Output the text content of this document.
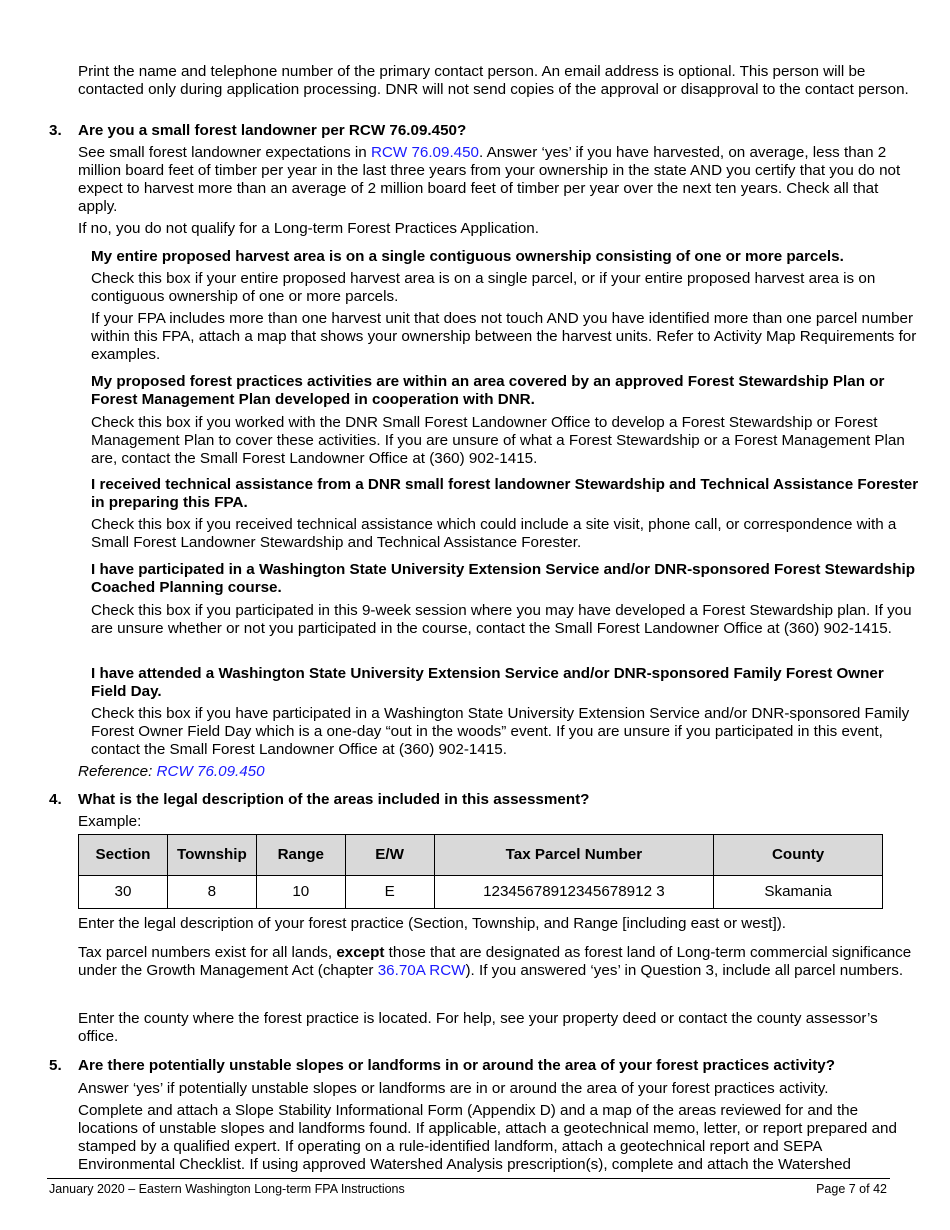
Print the name and telephone number of the primary contact person. An email address is optional. This person will be contacted only during application processing. DNR will not send copies of the approval or disapproval to the contact person.

3. Are you a small forest landowner per RCW 76.09.450?

See small forest landowner expectations in RCW 76.09.450. Answer ‘yes’ if you have harvested, on average, less than 2 million board feet of timber per year in the last three years from your ownership in the state AND you certify that you do not expect to harvest more than an average of 2 million board feet of timber per year over the next ten years. Check all that apply.

If no, you do not qualify for a Long-term Forest Practices Application.

My entire proposed harvest area is on a single contiguous ownership consisting of one or more parcels.

Check this box if your entire proposed harvest area is on a single parcel, or if your entire proposed harvest area is on contiguous ownership of one or more parcels.

If your FPA includes more than one harvest unit that does not touch AND you have identified more than one parcel number within this FPA, attach a map that shows your ownership between the harvest units. Refer to Activity Map Requirements for examples.

My proposed forest practices activities are within an area covered by an approved Forest Stewardship Plan or Forest Management Plan developed in cooperation with DNR.

Check this box if you worked with the DNR Small Forest Landowner Office to develop a Forest Stewardship or Forest Management Plan to cover these activities. If you are unsure of what a Forest Stewardship or a Forest Management Plan are, contact the Small Forest Landowner Office at (360) 902-1415.

I received technical assistance from a DNR small forest landowner Stewardship and Technical Assistance Forester in preparing this FPA.

Check this box if you received technical assistance which could include a site visit, phone call, or correspondence with a Small Forest Landowner Stewardship and Technical Assistance Forester.

I have participated in a Washington State University Extension Service and/or DNR-sponsored Forest Stewardship Coached Planning course.

Check this box if you participated in this 9-week session where you may have developed a Forest Stewardship plan. If you are unsure whether or not you participated in the course, contact the Small Forest Landowner Office at (360) 902-1415.

I have attended a Washington State University Extension Service and/or DNR-sponsored Family Forest Owner Field Day.

Check this box if you have participated in a Washington State University Extension Service and/or DNR-sponsored Family Forest Owner Field Day which is a one-day “out in the woods” event. If you are unsure if you participated in this event, contact the Small Forest Landowner Office at (360) 902-1415.

Reference: RCW 76.09.450

4. What is the legal description of the areas included in this assessment?

Example:

Section	Township	Range	E/W	Tax Parcel Number	County
30	8	10	E	12345678912345678912 3	Skamania

Enter the legal description of your forest practice (Section, Township, and Range [including east or west]).

Tax parcel numbers exist for all lands, except those that are designated as forest land of Long-term commercial significance under the Growth Management Act (chapter 36.70A RCW). If you answered ‘yes’ in Question 3, include all parcel numbers.

Enter the county where the forest practice is located. For help, see your property deed or contact the county assessor’s office.

5. Are there potentially unstable slopes or landforms in or around the area of your forest practices activity?

Answer ‘yes’ if potentially unstable slopes or landforms are in or around the area of your forest practices activity.

Complete and attach a Slope Stability Informational Form (Appendix D) and a map of the areas reviewed for and the locations of unstable slopes and landforms found. If applicable, attach a geotechnical memo, letter, or report prepared and stamped by a qualified expert. If operating on a rule-identified landform, attach a geotechnical report and SEPA Environmental Checklist. If using approved Watershed Analysis prescription(s), complete and attach the Watershed

January 2020 – Eastern Washington Long-term FPA Instructions	Page 7 of 42
